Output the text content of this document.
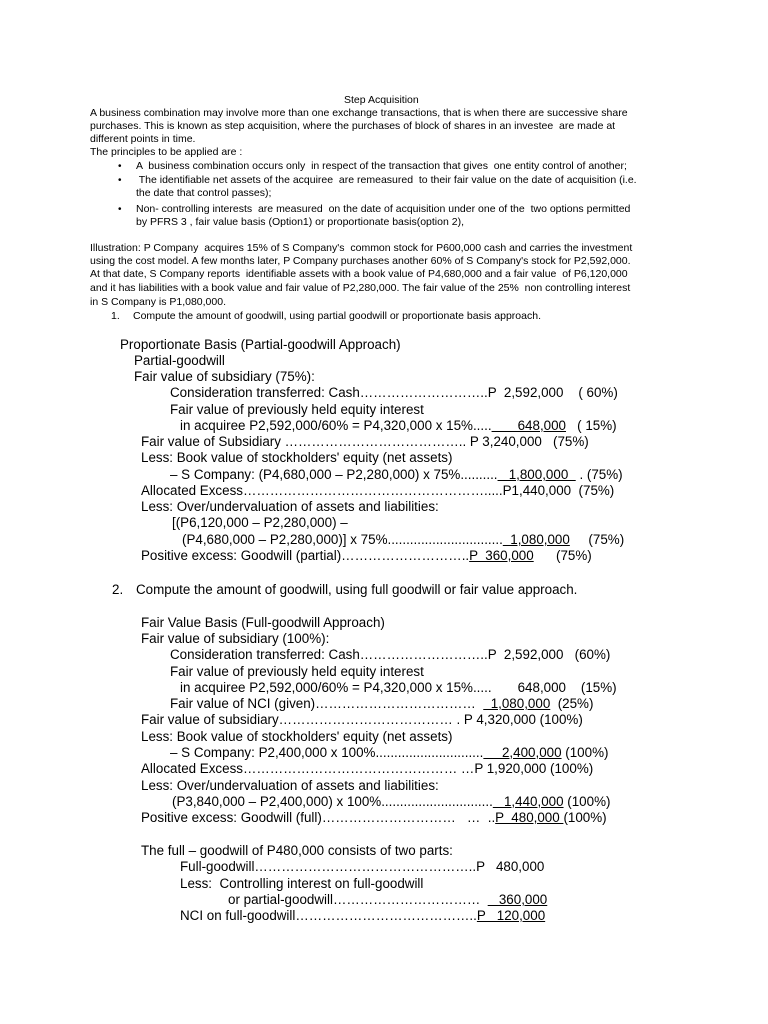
Step Acquisition
A business combination may involve more than one exchange transactions, that is when there are successive share
purchases. This is known as step acquisition, where the purchases of block of shares in an investee  are made at
different points in time.
The principles to be applied are :
• A  business combination occurs only  in respect of the transaction that gives  one entity control of another;
• The identifiable net assets of the acquiree  are remeasured  to their fair value on the date of acquisition (i.e.
the date that control passes);
• Non- controlling interests  are measured  on the date of acquisition under one of the  two options permitted
by PFRS 3 , fair value basis (Option1) or proportionate basis(option 2),
Illustration: P Company  acquires 15% of S Company's  common stock for P600,000 cash and carries the investment
using the cost model. A few months later, P Company purchases another 60% of S Company's stock for P2,592,000.
At that date, S Company reports  identifiable assets with a book value of P4,680,000 and a fair value  of P6,120,000
and it has liabilities with a book value and fair value of P2,280,000. The fair value of the 25%  non controlling interest
in S Company is P1,080,000.
1. Compute the amount of goodwill, using partial goodwill or proportionate basis approach.
Proportionate Basis (Partial-goodwill Approach)
Partial-goodwill
Fair value of subsidiary (75%):
Consideration transferred: Cash………………………..P  2,592,000    ( 60%)
Fair value of previously held equity interest
in acquiree P2,592,000/60% = P4,320,000 x 15%.....       648,000   ( 15%)
Fair value of Subsidiary ………………………………….. P 3,240,000   (75%)
Less: Book value of stockholders' equity (net assets)
– S Company: (P4,680,000 – P2,280,000) x 75%..........   1,800,000   . (75%)
Allocated Excess……………………………………………….....P1,440,000  (75%)
Less: Over/undervaluation of assets and liabilities:
[(P6,120,000 – P2,280,000) –
(P4,680,000 – P2,280,000)] x 75%...............................  1,080,000     (75%)
Positive excess: Goodwill (partial)………………………..P  360,000      (75%)
2. Compute the amount of goodwill, using full goodwill or fair value approach.
Fair Value Basis (Full-goodwill Approach)
Fair value of subsidiary (100%):
Consideration transferred: Cash………………………..P  2,592,000   (60%)
Fair value of previously held equity interest
in acquiree P2,592,000/60% = P4,320,000 x 15%.....       648,000    (15%)
Fair value of NCI (given)………………………………    1,080,000  (25%)
Fair value of subsidiary………………………………… . P 4,320,000 (100%)
Less: Book value of stockholders' equity (net assets)
– S Company: P2,400,000 x 100%.............................     2,400,000 (100%)
Allocated Excess………………………………………… …P 1,920,000 (100%)
Less: Over/undervaluation of assets and liabilities:
(P3,840,000 – P2,400,000) x 100%..............................   1,440,000 (100%)
Positive excess: Goodwill (full)…………………………   …  ..P  480,000 (100%)
The full – goodwill of P480,000 consists of two parts:
Full-goodwill…………………………………………..P   480,000
Less:  Controlling interest on full-goodwill
or partial-goodwill……………………………     360,000
NCI on full-goodwill…………………………………..P   120,000
